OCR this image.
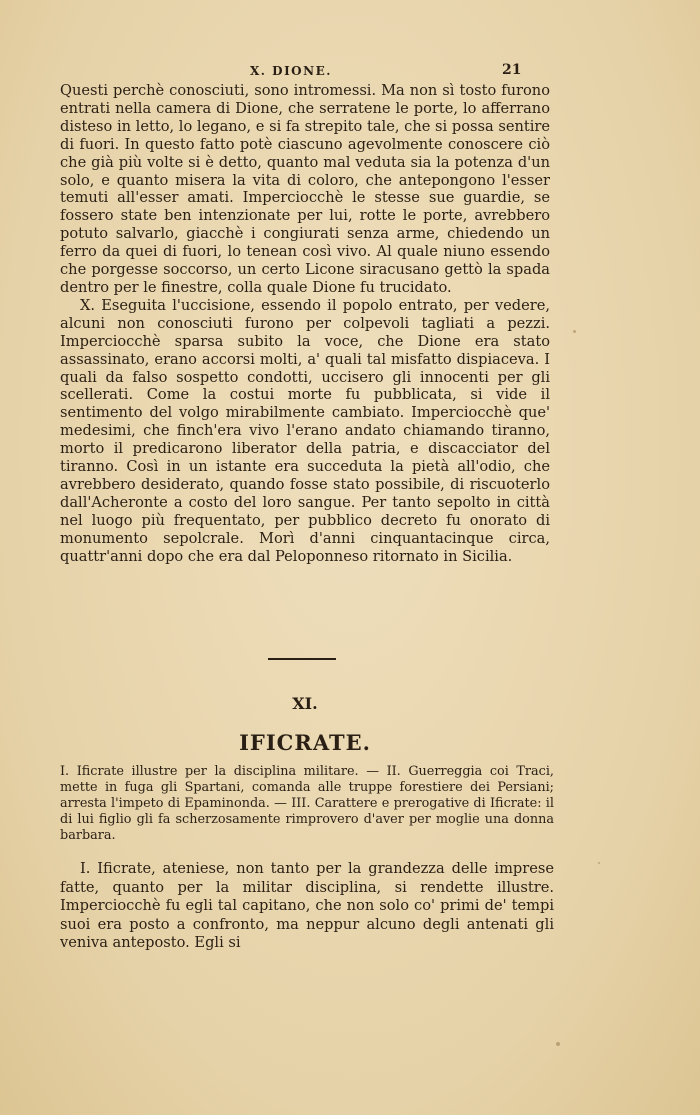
X. DIONE.	21

Questi perchè conosciuti, sono intromessi. Ma non sì tosto furono entrati nella camera di Dione, che serratene le porte, lo afferrano disteso in letto, lo legano, e si fa strepito tale, che si possa sentire di fuori. In questo fatto potè ciascuno agevolmente conoscere ciò che già più volte si è detto, quanto mal veduta sia la potenza d'un solo, e quanto misera la vita di coloro, che antepongono l'esser temuti all'esser amati. Imperciocchè le stesse sue guardie, se fossero state ben intenzionate per lui, rotte le porte, avrebbero potuto salvarlo, giacchè i congiurati senza arme, chiedendo un ferro da quei di fuori, lo tenean così vivo. Al quale niuno essendo che porgesse soccorso, un certo Licone siracusano gettò la spada dentro per le finestre, colla quale Dione fu trucidato.

X. Eseguita l'uccisione, essendo il popolo entrato, per vedere, alcuni non conosciuti furono per colpevoli tagliati a pezzi. Imperciocchè sparsa subito la voce, che Dione era stato assassinato, erano accorsi molti, a' quali tal misfatto dispiaceva. I quali da falso sospetto condotti, uccisero gli innocenti per gli scellerati. Come la costui morte fu pubblicata, si vide il sentimento del volgo mirabilmente cambiato. Imperciocchè que' medesimi, che finch'era vivo l'erano andato chiamando tiranno, morto il predicarono liberator della patria, e discacciator del tiranno. Così in un istante era succeduta la pietà all'odio, che avrebbero desiderato, quando fosse stato possibile, di riscuoterlo dall'Acheronte a costo del loro sangue. Per tanto sepolto in città nel luogo più frequentato, per pubblico decreto fu onorato di monumento sepolcrale. Morì d'anni cinquantacinque circa, quattr'anni dopo che era dal Peloponneso ritornato in Sicilia.

XI.
IFICRATE.
I. Ificrate illustre per la disciplina militare. — II. Guerreggia coi Traci, mette in fuga gli Spartani, comanda alle truppe forestiere dei Persiani; arresta l'impeto di Epaminonda. — III. Carattere e prerogative di Ificrate: il di lui figlio gli fa scherzosamente rimprovero d'aver per moglie una donna barbara.

I. Ificrate, ateniese, non tanto per la grandezza delle imprese fatte, quanto per la militar disciplina, si rendette illustre. Imperciocchè fu egli tal capitano, che non solo co' primi de' tempi suoi era posto a confronto, ma neppur alcuno degli antenati gli veniva anteposto. Egli si
